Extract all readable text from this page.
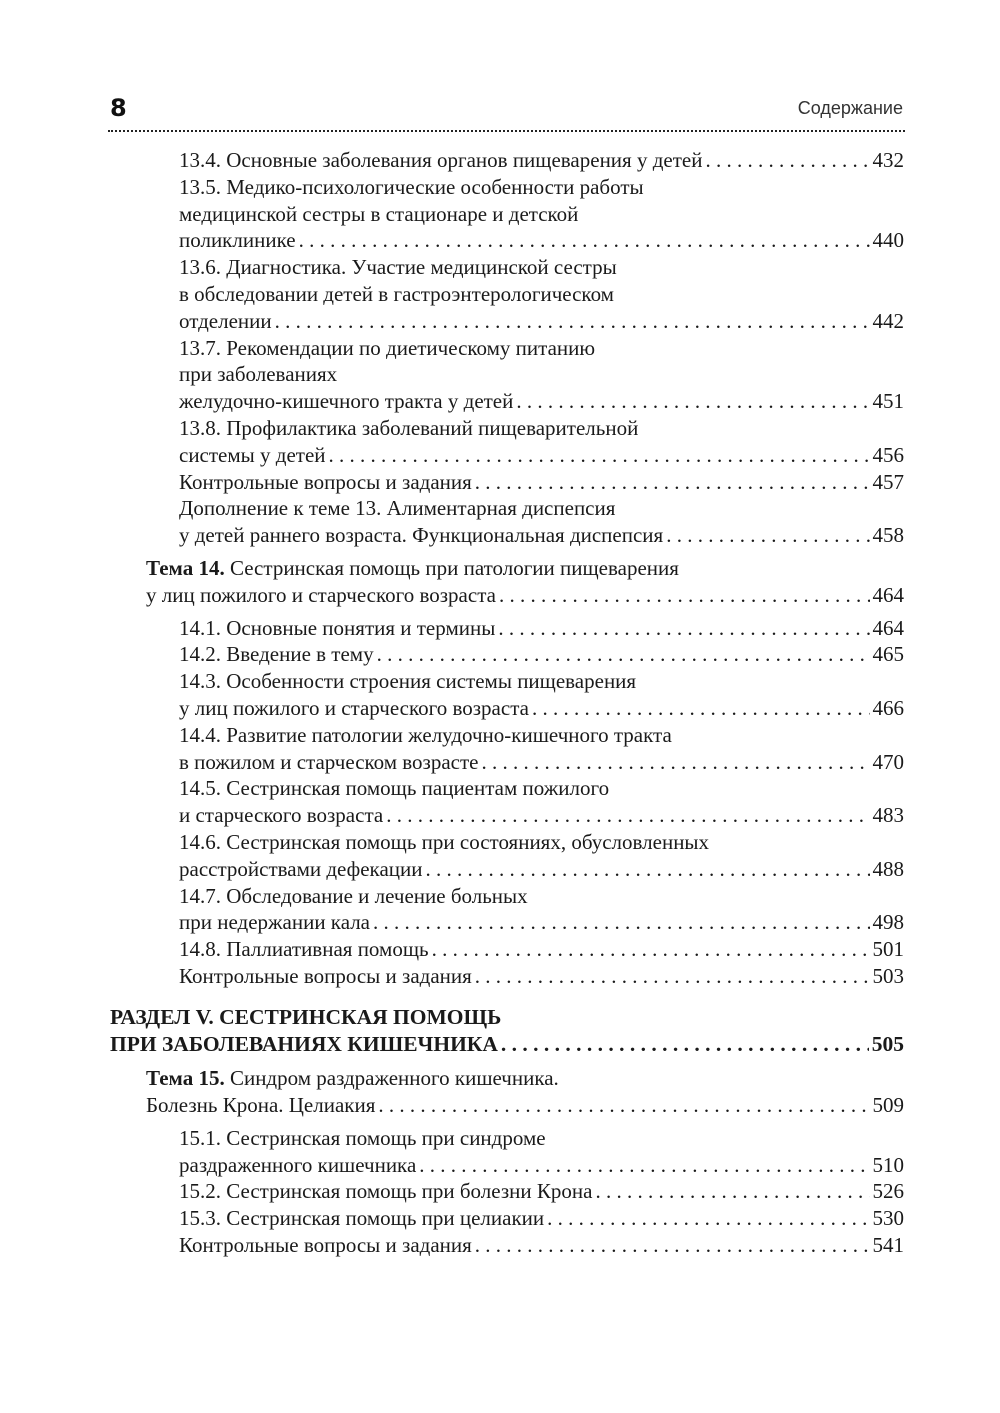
8	Содержание
13.4. Основные заболевания органов пищеварения у детей . . .	432
13.5. Медико-психологические особенности работы
медицинской сестры в стационаре и детской
поликлинике . . .	440
13.6. Диагностика. Участие медицинской сестры
в обследовании детей в гастроэнтерологическом
отделении . . .	442
13.7. Рекомендации по диетическому питанию
при заболеваниях
желудочно-кишечного тракта у детей . . .	451
13.8. Профилактика заболеваний пищеварительной
системы у детей . . .	456
Контрольные вопросы и задания . . .	457
Дополнение к теме 13. Алиментарная диспепсия
у детей раннего возраста. Функциональная диспепсия . . .	458
Тема 14. Сестринская помощь при патологии пищеварения
у лиц пожилого и старческого возраста . . .	464
14.1. Основные понятия и термины . . .	464
14.2. Введение в тему . . .	465
14.3. Особенности строения системы пищеварения
у лиц пожилого и старческого возраста . . .	466
14.4. Развитие патологии желудочно-кишечного тракта
в пожилом и старческом возрасте . . .	470
14.5. Сестринская помощь пациентам пожилого
и старческого возраста . . .	483
14.6. Сестринская помощь при состояниях, обусловленных
расстройствами дефекации . . .	488
14.7. Обследование и лечение больных
при недержании кала . . .	498
14.8. Паллиативная помощь . . .	501
Контрольные вопросы и задания . . .	503
РАЗДЕЛ V. СЕСТРИНСКАЯ ПОМОЩЬ
ПРИ ЗАБОЛЕВАНИЯХ КИШЕЧНИКА . . .	505
Тема 15. Синдром раздраженного кишечника.
Болезнь Крона. Целиакия . . .	509
15.1. Сестринская помощь при синдроме
раздраженного кишечника . . .	510
15.2. Сестринская помощь при болезни Крона . . .	526
15.3. Сестринская помощь при целиакии . . .	530
Контрольные вопросы и задания . . .	541
